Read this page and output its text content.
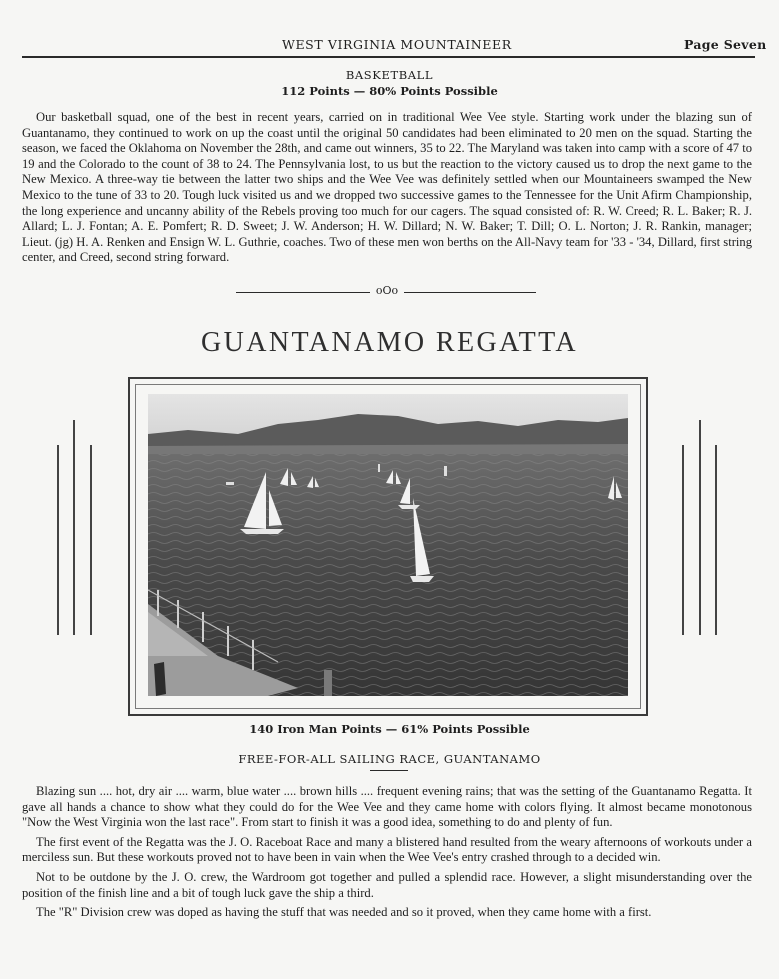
WEST VIRGINIA MOUNTAINEER	Page Seven
BASKETBALL
112 Points — 80% Points Possible

Our basketball squad, one of the best in recent years, carried on in traditional Wee Vee style. Starting work under the blazing sun of Guantanamo, they continued to work on up the coast until the original 50 candidates had been eliminated to 20 men on the squad. Starting the season, we faced the Oklahoma on November the 28th, and came out winners, 35 to 22. The Maryland was taken into camp with a score of 47 to 19 and the Colorado to the count of 38 to 24. The Pennsylvania lost, to us but the reaction to the victory caused us to drop the next game to the New Mexico. A three-way tie between the latter two ships and the Wee Vee was definitely settled when our Mountaineers swamped the New Mexico to the tune of 33 to 20. Tough luck visited us and we dropped two successive games to the Tennessee for the Unit Afirm Championship, the long experience and uncanny ability of the Rebels proving too much for our cagers. The squad consisted of: R. W. Creed; R. L. Baker; R. J. Allard; L. J. Fontan; A. E. Pomfert; R. D. Sweet; J. W. Anderson; H. W. Dillard; N. W. Baker; T. Dill; O. L. Norton; J. R. Rankin, manager; Lieut. (jg) H. A. Renken and Ensign W. L. Guthrie, coaches. Two of these men won berths on the All-Navy team for '33 - '34, Dillard, first string center, and Creed, second string forward.

oOo
GUANTANAMO REGATTA
140 Iron Man Points — 61% Points Possible
FREE-FOR-ALL SAILING RACE, GUANTANAMO

Blazing sun .... hot, dry air .... warm, blue water .... brown hills .... frequent evening rains; that was the setting of the Guantanamo Regatta. It gave all hands a chance to show what they could do for the Wee Vee and they came home with colors flying. It almost became monotonous "Now the West Virginia won the last race". From start to finish it was a good idea, something to do and plenty of fun.

The first event of the Regatta was the J. O. Raceboat Race and many a blistered hand resulted from the weary afternoons of workouts under a merciless sun. But these workouts proved not to have been in vain when the Wee Vee's entry crashed through to a decided win.

Not to be outdone by the J. O. crew, the Wardroom got together and pulled a splendid race. However, a slight misunderstanding over the position of the finish line and a bit of tough luck gave the ship a third.

The "R" Division crew was doped as having the stuff that was needed and so it proved, when they came home with a first.
